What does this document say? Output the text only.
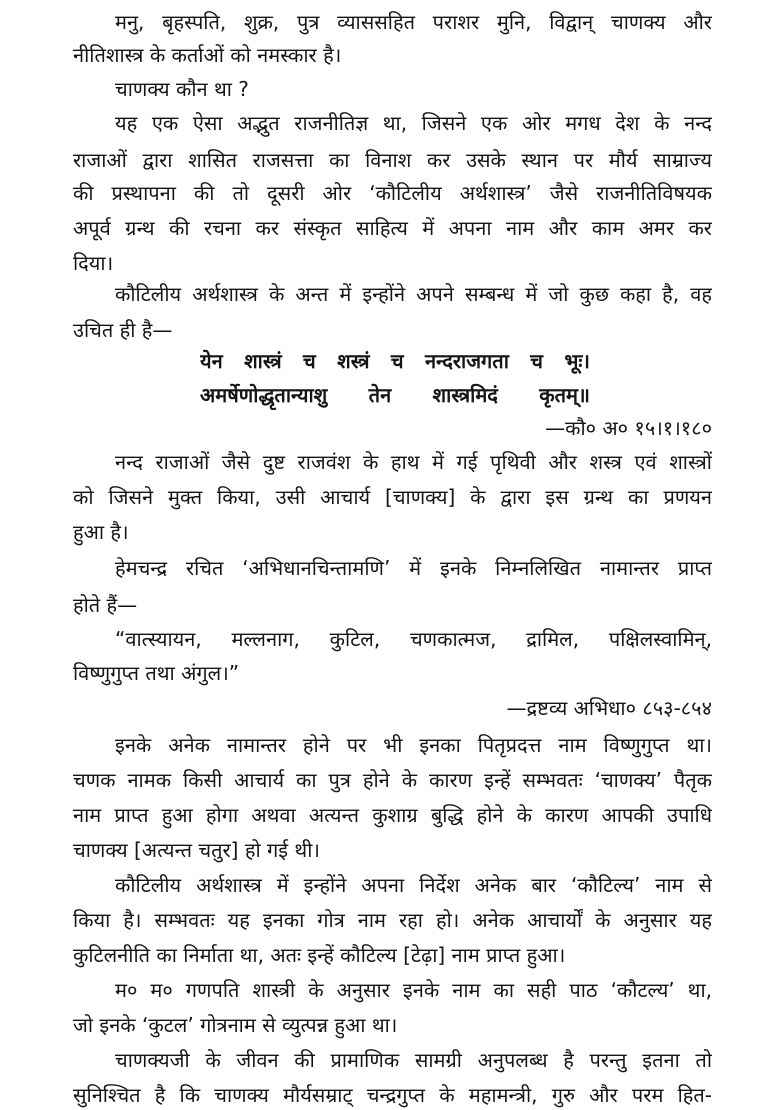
मनु, बृहस्पति, शुक्र, पुत्र व्याससहित पराशर मुनि, विद्वान् चाणक्य और
नीतिशास्त्र के कर्ताओं को नमस्कार है।
चाणक्य कौन था ?
यह एक ऐसा अद्भुत राजनीतिज्ञ था, जिसने एक ओर मगध देश के नन्द
राजाओं द्वारा शासित राजसत्ता का विनाश कर उसके स्थान पर मौर्य साम्राज्य
की प्रस्थापना की तो दूसरी ओर ‘कौटिलीय अर्थशास्त्र’ जैसे राजनीतिविषयक
अपूर्व ग्रन्थ की रचना कर संस्कृत साहित्य में अपना नाम और काम अमर कर
दिया।
कौटिलीय अर्थशास्त्र के अन्त में इन्होंने अपने सम्बन्ध में जो कुछ कहा है, वह
उचित ही है—
येन शास्त्रं च शस्त्रं च नन्दराजगता च भूः।
अमर्षेणोद्धृतान्याशु तेन शास्त्रमिदं कृतम्॥
—कौ० अ० १५।१।१८०
नन्द राजाओं जैसे दुष्ट राजवंश के हाथ में गई पृथिवी और शस्त्र एवं शास्त्रों
को जिसने मुक्त किया, उसी आचार्य [चाणक्य] के द्वारा इस ग्रन्थ का प्रणयन
हुआ है।
हेमचन्द्र रचित ‘अभिधानचिन्तामणि’ में इनके निम्नलिखित नामान्तर प्राप्त
होते हैं—
“वात्स्यायन, मल्लनाग, कुटिल, चणकात्मज, द्रामिल, पक्षिलस्वामिन्,
विष्णुगुप्त तथा अंगुल।”
—द्रष्टव्य अभिधा० ८५३-८५४
इनके अनेक नामान्तर होने पर भी इनका पितृप्रदत्त नाम विष्णुगुप्त था।
चणक नामक किसी आचार्य का पुत्र होने के कारण इन्हें सम्भवतः ‘चाणक्य’ पैतृक
नाम प्राप्त हुआ होगा अथवा अत्यन्त कुशाग्र बुद्धि होने के कारण आपकी उपाधि
चाणक्य [अत्यन्त चतुर] हो गई थी।
कौटिलीय अर्थशास्त्र में इन्होंने अपना निर्देश अनेक बार ‘कौटिल्य’ नाम से
किया है। सम्भवतः यह इनका गोत्र नाम रहा हो। अनेक आचार्यों के अनुसार यह
कुटिलनीति का निर्माता था, अतः इन्हें कौटिल्य [टेढ़ा] नाम प्राप्त हुआ।
म० म० गणपति शास्त्री के अनुसार इनके नाम का सही पाठ ‘कौटल्य’ था,
जो इनके ‘कुटल’ गोत्रनाम से व्युत्पन्न हुआ था।
चाणक्यजी के जीवन की प्रामाणिक सामग्री अनुपलब्ध है परन्तु इतना तो
सुनिश्चित है कि चाणक्य मौर्यसम्राट् चन्द्रगुप्त के महामन्त्री, गुरु और परम हित-
